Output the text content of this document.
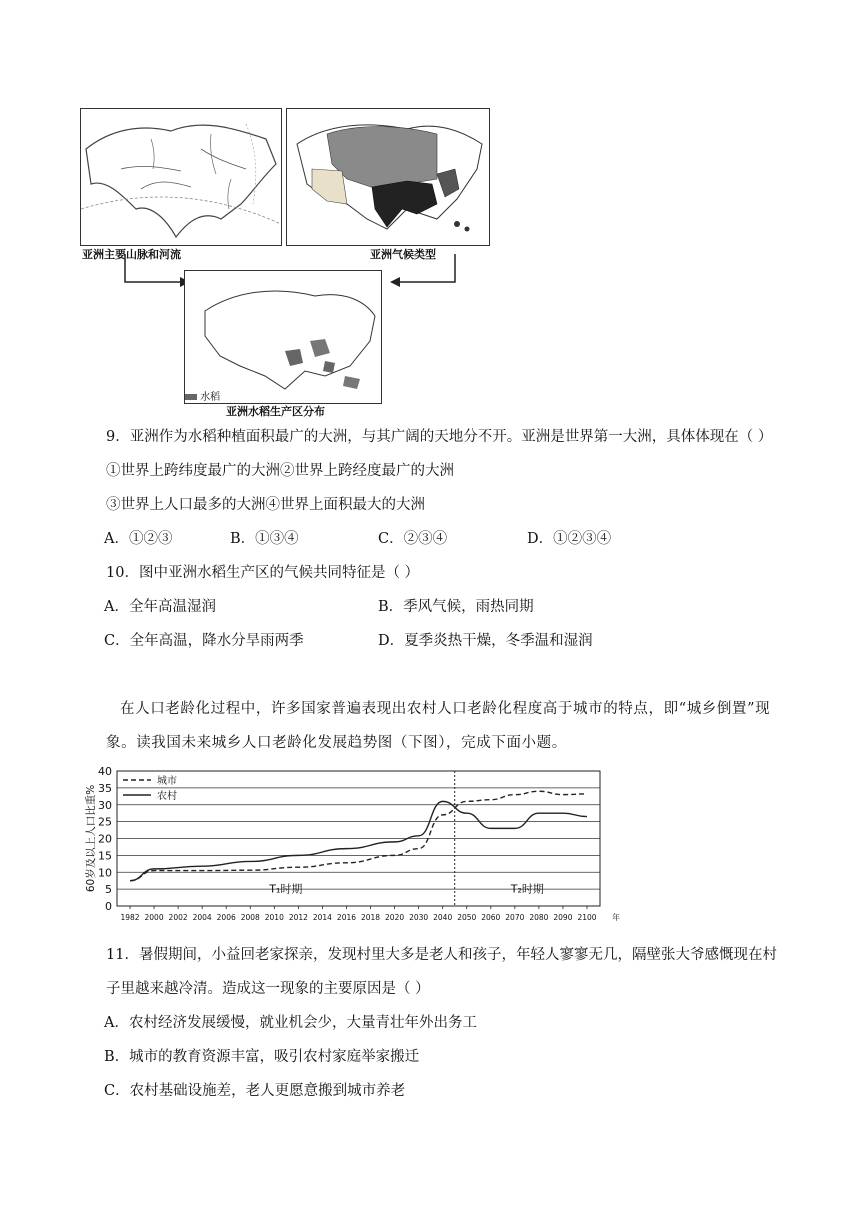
亚洲主要山脉和河流	亚洲气候类型
水稻
亚洲水稻生产区分布
9．亚洲作为水稻种植面积最广的大洲，与其广阔的天地分不开。亚洲是世界第一大洲，具体体现在（ ）
①世界上跨纬度最广的大洲②世界上跨经度最广的大洲
③世界上人口最多的大洲④世界上面积最大的大洲
A．①②③	B．①③④	C．②③④	D．①②③④
10．图中亚洲水稻生产区的气候共同特征是（ ）
A．全年高温湿润	B．季风气候，雨热同期
C．全年高温，降水分旱雨两季	D．夏季炎热干燥，冬季温和湿润
在人口老龄化过程中，许多国家普遍表现出农村人口老龄化程度高于城市的特点，即“城乡倒置”现
象。读我国未来城乡人口老龄化发展趋势图（下图），完成下面小题。
0
5
10
15
20
25
30
35
40
1982 2000 2002 2004 2006 2008 2010 2012 2014 2016 2018 2020 2030 2040 2050 2060 2070 2080 2090 2100 年
60岁及以上人口比重%	T₁时期	T₂时期
城市
农村
11．暑假期间，小益回老家探亲，发现村里大多是老人和孩子，年轻人寥寥无几，隔壁张大爷感慨现在村
子里越来越冷清。造成这一现象的主要原因是（ ）
A．农村经济发展缓慢，就业机会少，大量青壮年外出务工
B．城市的教育资源丰富，吸引农村家庭举家搬迁
C．农村基础设施差，老人更愿意搬到城市养老
